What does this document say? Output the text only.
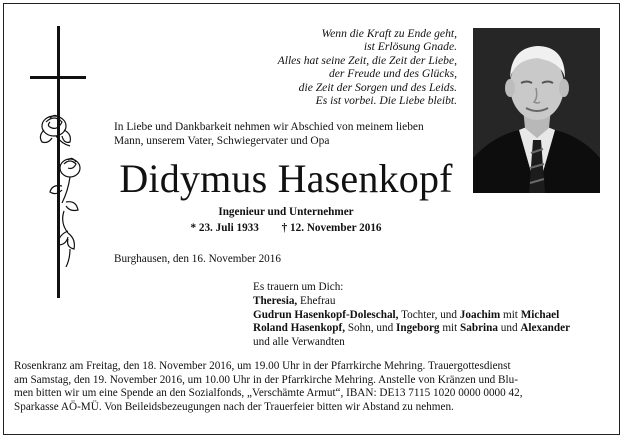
Wenn die Kraft zu Ende geht,
ist Erlösung Gnade.
Alles hat seine Zeit, die Zeit der Liebe,
der Freude und des Glücks,
die Zeit der Sorgen und des Leids.
Es ist vorbei. Die Liebe bleibt.
In Liebe und Dankbarkeit nehmen wir Abschied von meinem lieben
Mann, unserem Vater, Schwiegervater und Opa
Didymus Hasenkopf
Ingenieur und Unternehmer
* 23. Juli 1933 † 12. November 2016
Burghausen, den 16. November 2016
Es trauern um Dich:
Theresia, Ehefrau
Gudrun Hasenkopf-Doleschal, Tochter, und Joachim mit Michael
Roland Hasenkopf, Sohn, und Ingeborg mit Sabrina und Alexander
und alle Verwandten
Rosenkranz am Freitag, den 18. November 2016, um 19.00 Uhr in der Pfarrkirche Mehring. Trauergottesdienst
am Samstag, den 19. November 2016, um 10.00 Uhr in der Pfarrkirche Mehring. Anstelle von Kränzen und Blu-
men bitten wir um eine Spende an den Sozialfonds, „Verschämte Armut“, IBAN: DE13 7115 1020 0000 0000 42,
Sparkasse AÖ-MÜ. Von Beileidsbezeugungen nach der Trauerfeier bitten wir Abstand zu nehmen.
